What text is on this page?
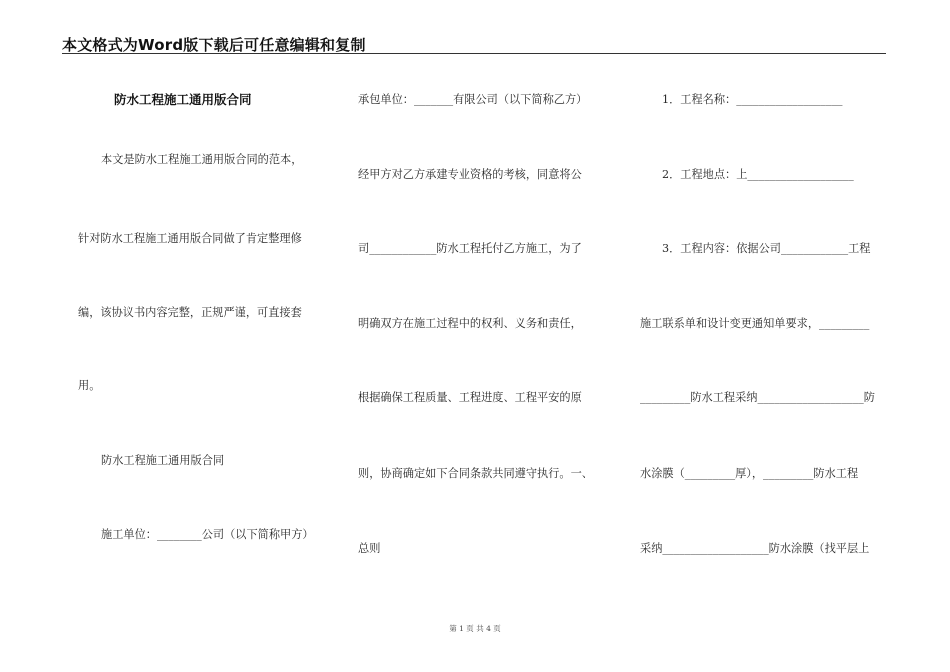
本文格式为Word版下载后可任意编辑和复制
防水工程施工通用版合同
本文是防水工程施工通用版合同的范本，
针对防水工程施工通用版合同做了肯定整理修
编，该协议书内容完整，正规严谨，可直接套
用。
防水工程施工通用版合同
施工单位：________公司（以下简称甲方）
承包单位：_______有限公司（以下简称乙方）
经甲方对乙方承建专业资格的考核，同意将公
司____________防水工程托付乙方施工，为了
明确双方在施工过程中的权利、义务和责任，
根据确保工程质量、工程进度、工程平安的原
则，协商确定如下合同条款共同遵守执行。一、
总则
1．工程名称：___________________
2．工程地点：上___________________
3．工程内容：依据公司____________工程
施工联系单和设计变更通知单要求，_________
_________防水工程采纳___________________防
水涂膜（_________厚），_________防水工程
采纳___________________防水涂膜（找平层上
第 1 页 共 4 页
